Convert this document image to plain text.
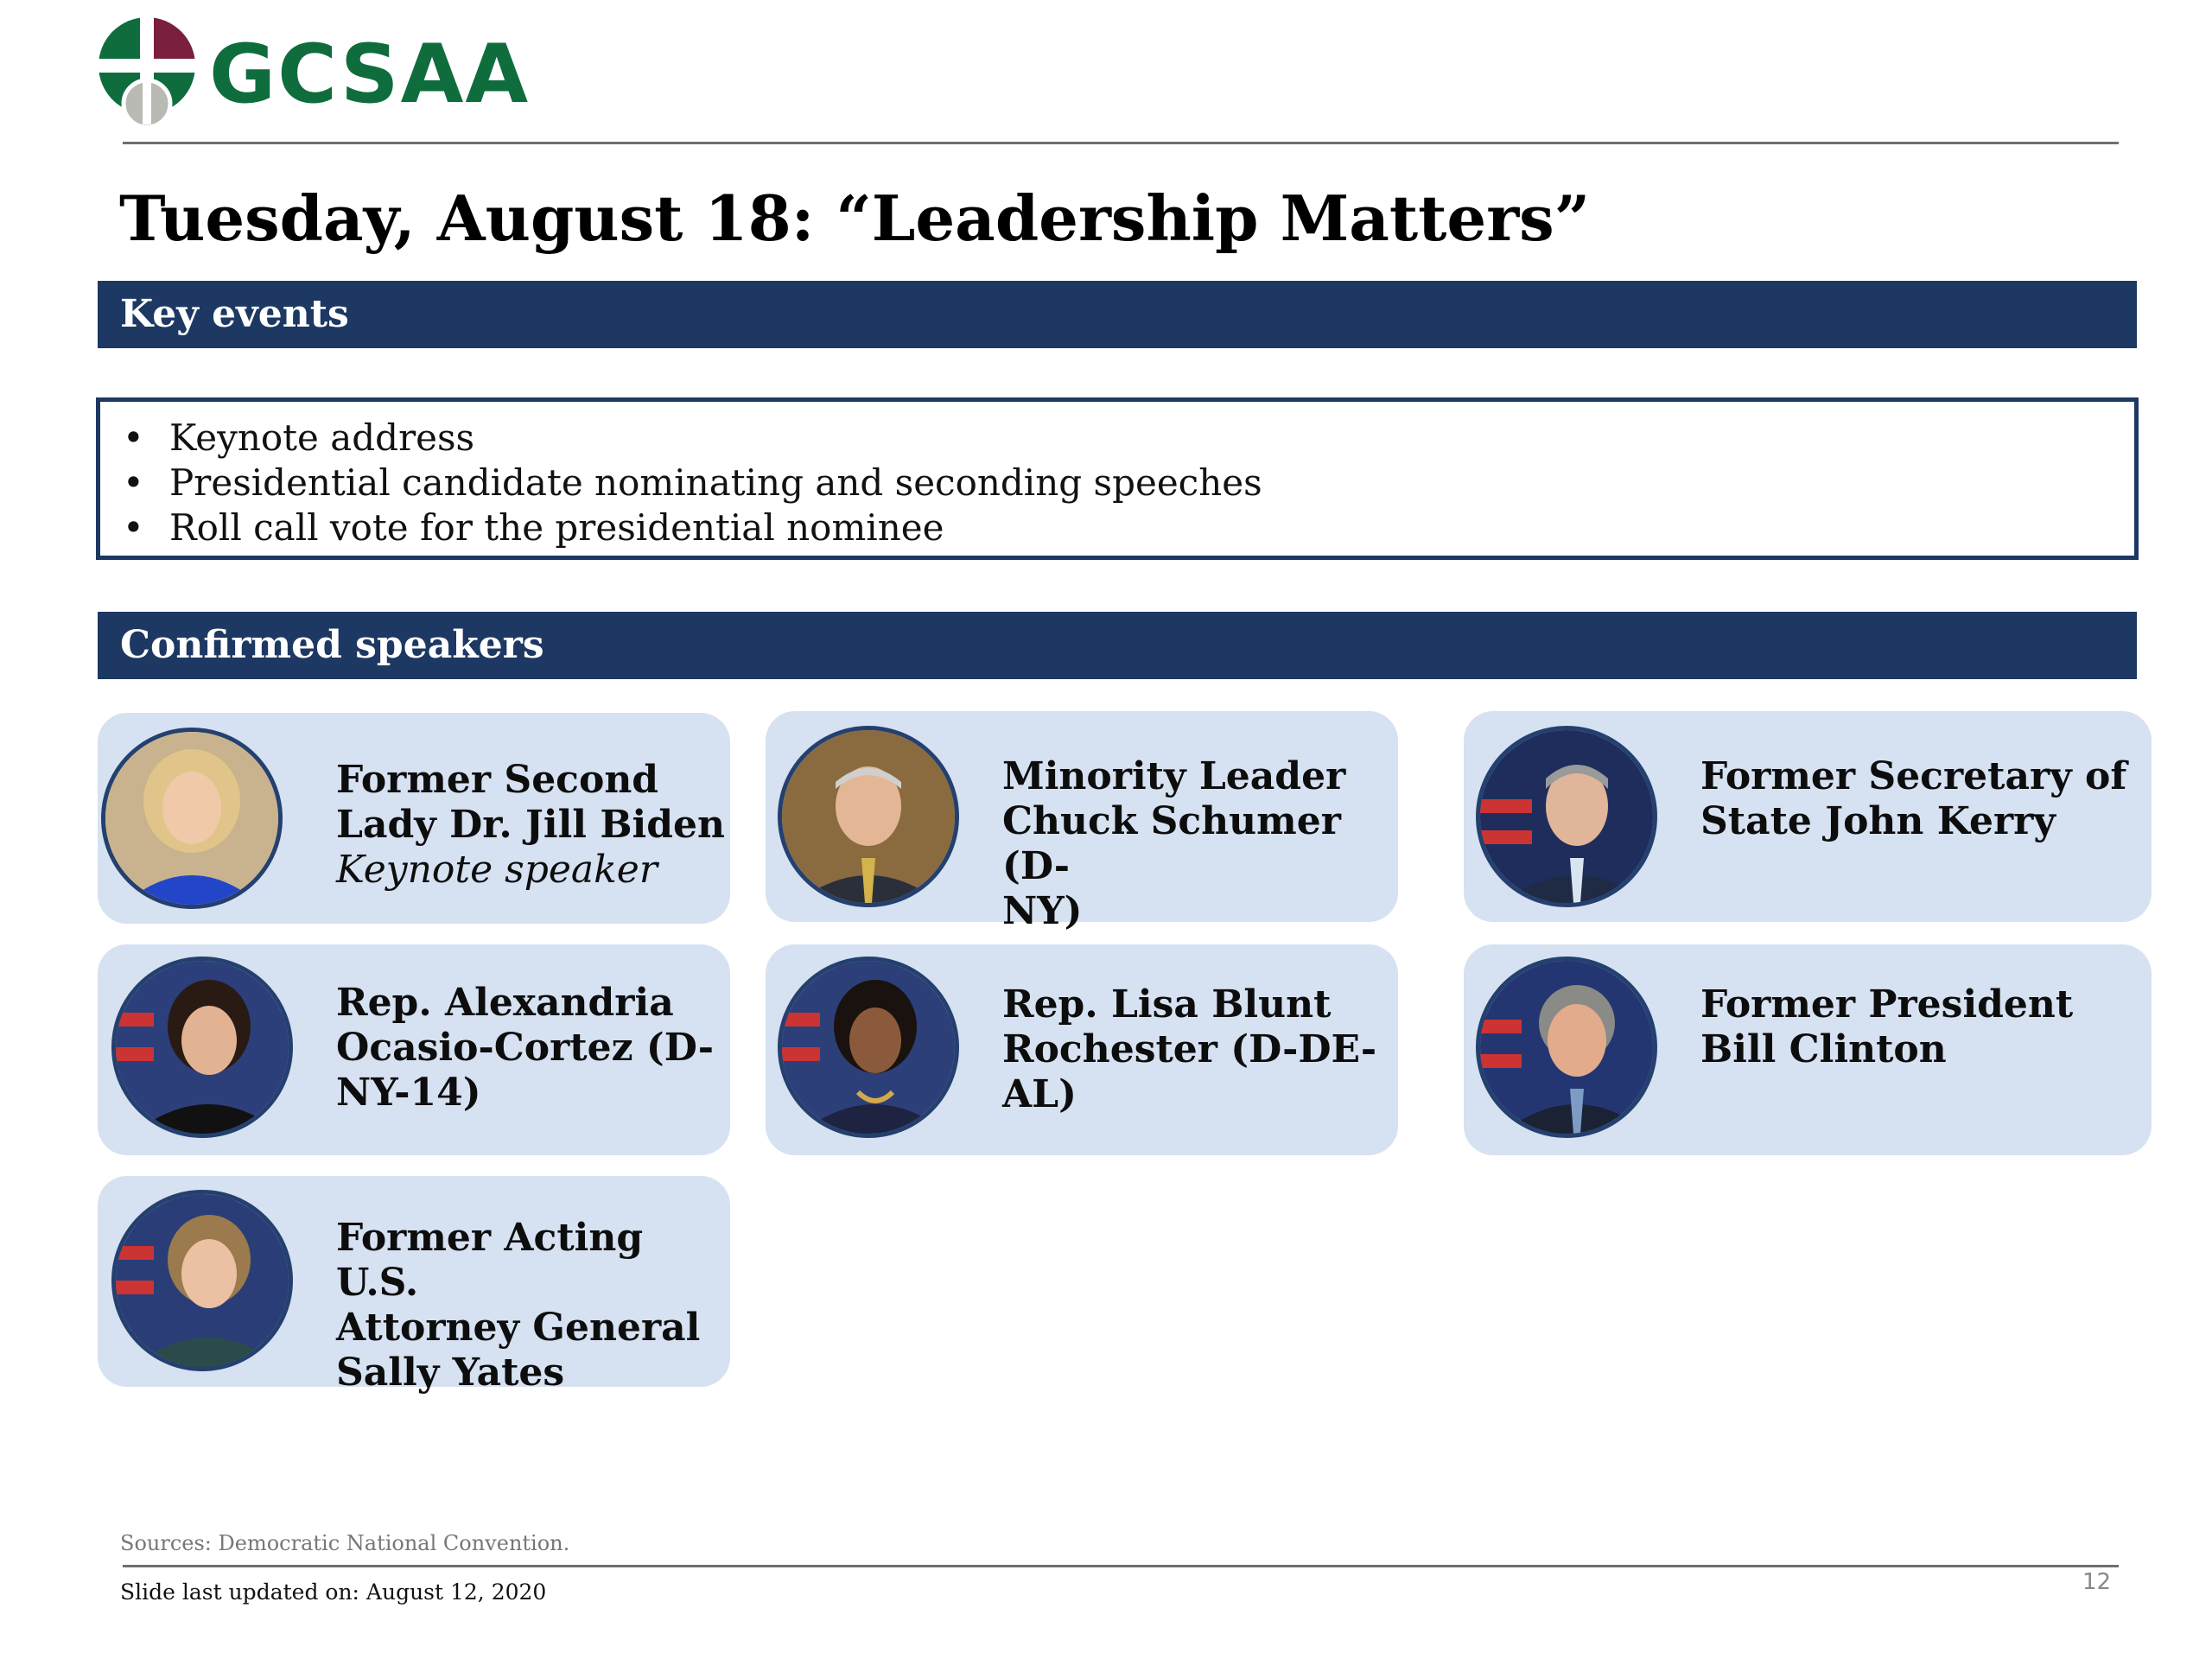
GCSAA
Tuesday, August 18: “Leadership Matters”
Key events
• Keynote address
• Presidential candidate nominating and seconding speeches
• Roll call vote for the presidential nominee
Confirmed speakers
Former Second
Lady Dr. Jill Biden
Keynote speaker
Minority Leader
Chuck Schumer (D-
NY)
Former Secretary of
State John Kerry
Rep. Alexandria
Ocasio-Cortez (D-
NY-14)
Rep. Lisa Blunt
Rochester (D-DE-
AL)
Former President
Bill Clinton
Former Acting U.S.
Attorney General
Sally Yates
Sources: Democratic National Convention.
Slide last updated on: August 12, 2020	12
